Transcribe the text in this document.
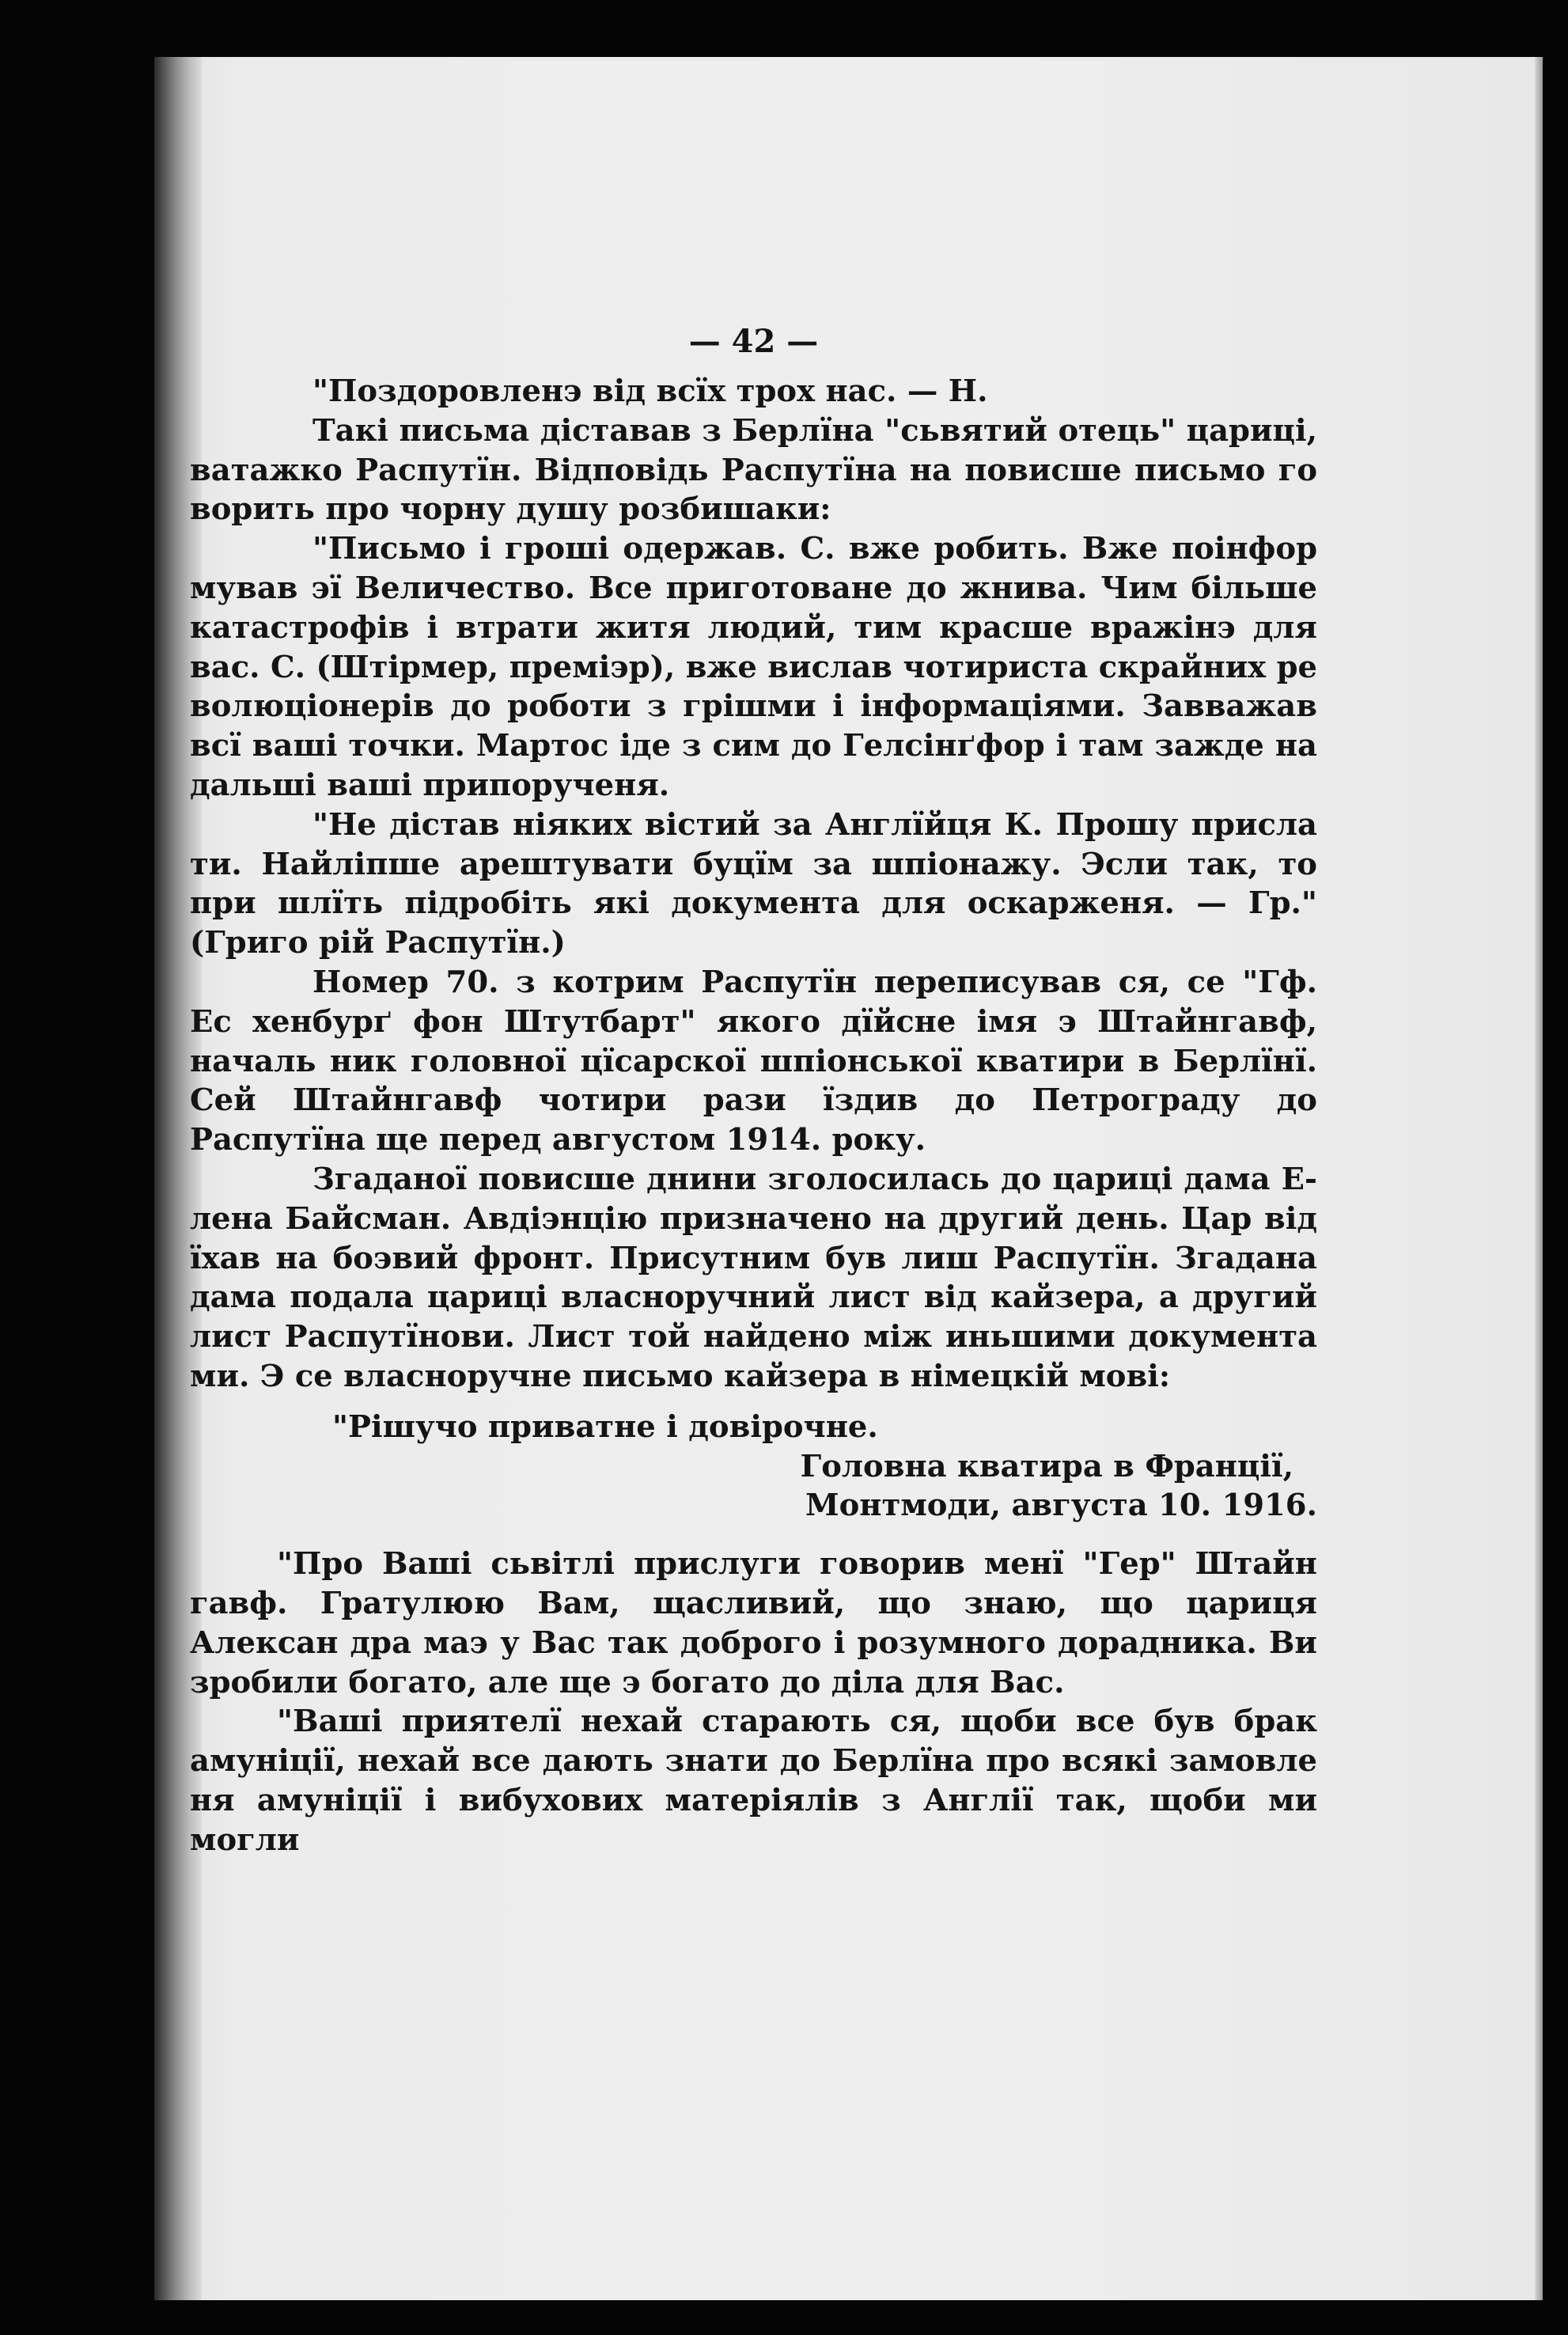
— 42 —

"Поздоровленэ від всїх трох нас. — Н.

Такі письма діставав з Берлїна "сьвятий отець" цариці, ватажко Распутїн. Відповідь Распутїна на повисше письмо го ворить про чорну душу розбишаки:

"Письмо і гроші одержав. С. вже робить. Вже поінфор мував эї Величество. Все приготоване до жнива. Чим більше катастрофів і втрати житя людий, тим красше вражінэ для вас. С. (Штірмер, преміэр), вже вислав чотириста скрайних ре волюціонерів до роботи з грішми і інформаціями. Завважав всї ваші точки. Мартос іде з сим до Гелсінґфор і там зажде на дальші ваші припорученя.

"Не дістав ніяких вістий за Англїйця К. Прошу присла ти. Найліпше арештувати буцїм за шпіонажу. Эсли так, то при шлїть підробіть які документа для оскарженя. — Гр." (Григо рій Распутїн.)

Номер 70. з котрим Распутїн переписував ся, се "Гф. Ес хенбурґ фон Штутбарт" якого дїйсне імя э Штайнгавф, началь ник головної цїсарскої шпіонської кватири в Берлїнї. Сей Штайнгавф чотири рази їздив до Петрограду до Распутїна ще перед августом 1914. року.

Згаданої повисше днини зголосилась до цариці дама Е- лена Байсман. Авдіэнцію призначено на другий день. Цар від їхав на боэвий фронт. Присутним був лиш Распутїн. Згадана дама подала цариці власноручний лист від кайзера, а другий лист Распутїнови. Лист той найдено між иньшими документа ми. Э се власноручне письмо кайзера в німецкій мові:

"Рішучо приватне і довірочне.

Головна кватира в Франції,

Монтмоди, августа 10. 1916.

"Про Ваші сьвітлі прислуги говорив менї "Гер" Штайн гавф. Гратулюю Вам, щасливий, що знаю, що цариця Алексан дра маэ у Вас так доброго і розумного дорадника. Ви зробили богато, але ще э богато до діла для Вас.

"Ваші приятелї нехай старають ся, щоби все був брак амуніції, нехай все дають знати до Берлїна про всякі замовле ня амуніції і вибухових матеріялів з Англії так, щоби ми могли
